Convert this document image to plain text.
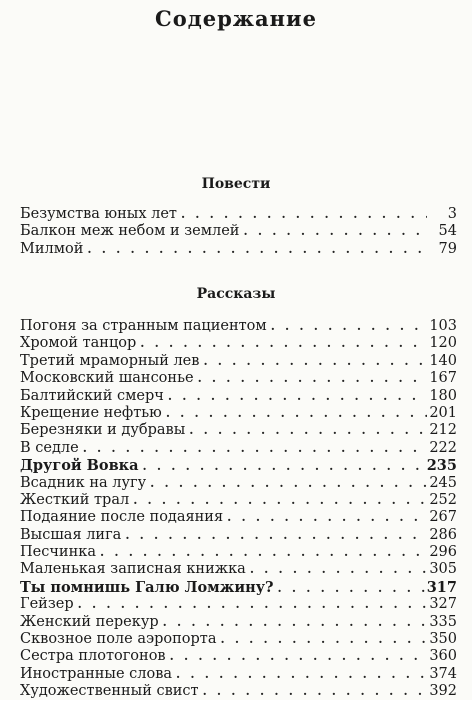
Содержание
Повести
Безумства юных лет . . .	3
Балкон меж небом и землей . . .	54
Милмой . . .	79
Рассказы
Погоня за странным пациентом . . .	103
Хромой танцор . . .	120
Третий мраморный лев . . .	140
Московский шансонье . . .	167
Балтийский смерч . . .	180
Крещение нефтью . . .	201
Березняки и дубравы . . .	212
В седле . . .	222
Другой Вовка . . .	235
Всадник на лугу . . .	245
Жесткий трал . . .	252
Подаяние после подаяния . . .	267
Высшая лига . . .	286
Песчинка . . .	296
Маленькая записная книжка . . .	305
Ты помнишь Галю Ломжину? . . .	317
Гейзер . . .	327
Женский перекур . . .	335
Сквозное поле аэропорта . . .	350
Сестра плотогонов . . .	360
Иностранные слова . . .	374
Художественный свист . . .	392
